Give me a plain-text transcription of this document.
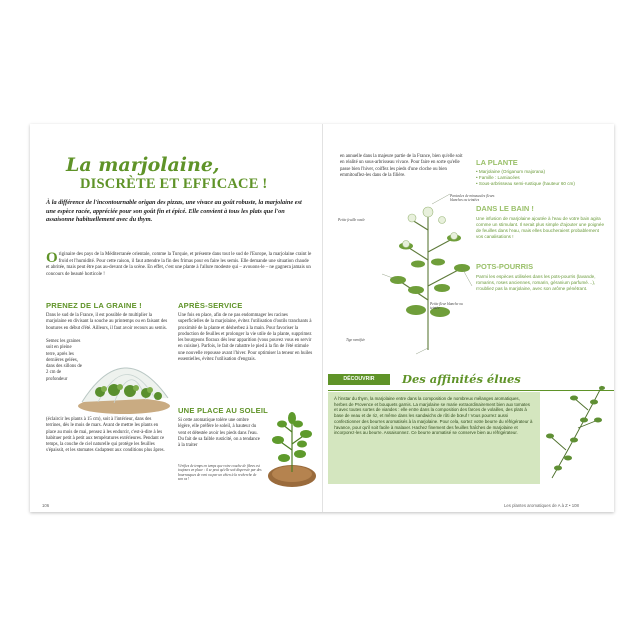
La marjolaine,
DISCRÈTE ET EFFICACE !
À la différence de l'incontournable origan des pizzas, une vivace au goût robuste, la marjolaine est une espèce racée, appréciée pour son goût fin et épicé. Elle convient à tous les plats que l'on assaisonne habituellement avec du thym.
Originaire des pays de la Méditerranée orientale, comme la Turquie, et présente dans tout le sud de l'Europe, la marjolaine craint le froid et l'humidité. Pour cette raison, il faut attendre la fin des frimas pour en faire les semis. Elle demande une situation chaude et abritée, mais peut être pas au-devant de la scène. En effet, c'est une plante à l'allure modeste qui – avouons-le – ne gagnera jamais un concours de beauté horticole !
PRENEZ DE LA GRAINE !
Dans le sud de la France, il est possible de multiplier la marjolaine en divisant la souche au printemps ou en faisant des boutures en début d'été. Ailleurs, il faut avoir recours au semis.
Semez les graines soit en pleine terre, après les dernières gelées, dans des sillons de 2 cm de profondeur
(éclaircir les plants à 15 cm), soit à l'intérieur, dans des terrines, dès le mois de mars. Avant de mettre les plants en place au mois de mai, pensez à les endurcir, c'est-à-dire à les habituer petit à petit aux températures extérieures. Pendant ce temps, la couche de ciel naturelle qui protège les feuilles s'épaissit, et les stomates s'adaptent aux conditions plus âpres.
APRÈS-SERVICE
Une fois en place, afin de ne pas endommager les racines superficielles de la marjolaine, évitez l'utilisation d'outils tranchants à proximité de la plante et désherbez à la main. Pour favoriser la production de feuilles et prolonger la vie utile de la plante, supprimez les bourgeons floraux dès leur apparition (vous pouvez vous en servir en cuisine). Parfois, le fait de rabattre le pied à la fin de l'été stimule une nouvelle repousse avant l'hiver. Pour optimiser la teneur en huiles essentielles, évitez l'utilisation d'engrais.
UNE PLACE AU SOLEIL
Si cette aromatique tolère une ombre légère, elle préfère le soleil, à hauteur du vent et détestée avoir les pieds dans l'eau. Du fait de sa faible rusticité, on a tendance à la traiter
Vérifiez de temps en temps que votre couche de fibres est toujours en place : il se peut qu'elle soit dispersée par des bourrasques de vent ou par un chien à la recherche de son os !
en annuelle dans la majeure partie de la France, bien qu'elle soit en réalité un sous-arbrisseau vivace. Pour faire en sorte qu'elle passe bien l'hiver, coiffez les pieds d'une cloche ou bien emmitouflez-les dans de la filière.
Panicules de minuscules fleurs blanches ou teintées
Petite feuille ovale
Petite fleur blanche ou teintée
Tige ramifiée
LA PLANTE
• Marjolaine (Origanum majorana)
• Famille : Lamiacées
• Sous-arbrisseau semi-rustique (hauteur 60 cm)
DANS LE BAIN !
Une infusion de marjolaine ajoutée à l'eau de votre bain agira comme un stimulant. Il serait plus simple d'ajouter une poignée de feuilles dans l'eau, mais elles boucheraient probablement vos canalisations !
POTS-POURRIS
Parmi les espèces utilisées dans les pots-pourris (lavande, romarins, roses anciennes, romarin, géranium parfumé…), n'oubliez pas la marjolaine, avec son arôme pénétrant.
DÉCOUVRIR	Des affinités élues
À l'instar du thym, la marjolaine entre dans la composition de nombreux mélanges aromatiques, herbes de Provence et bouquets garnis. La marjolaine se marie extraordinairement bien aux tomates et avec toutes sortes de viandes : elle entre dans la composition des farces de volailles, des plats à base de veau et de riz, et même dans les sandwichs de rôti de bœuf ! Vous pourrez aussi confectionner des beurres aromatisés à la marjolaine. Pour cela, sortez votre beurre du réfrigérateur à l'avance, pour qu'il soit facile à malaxer. Hachez finement des feuilles fraîches de marjolaine et incorporez-les au beurre. Assaisonnez. Ce beurre aromatisé se conserve bien au réfrigérateur.
106	Les plantes aromatiques de A à Z • 108
